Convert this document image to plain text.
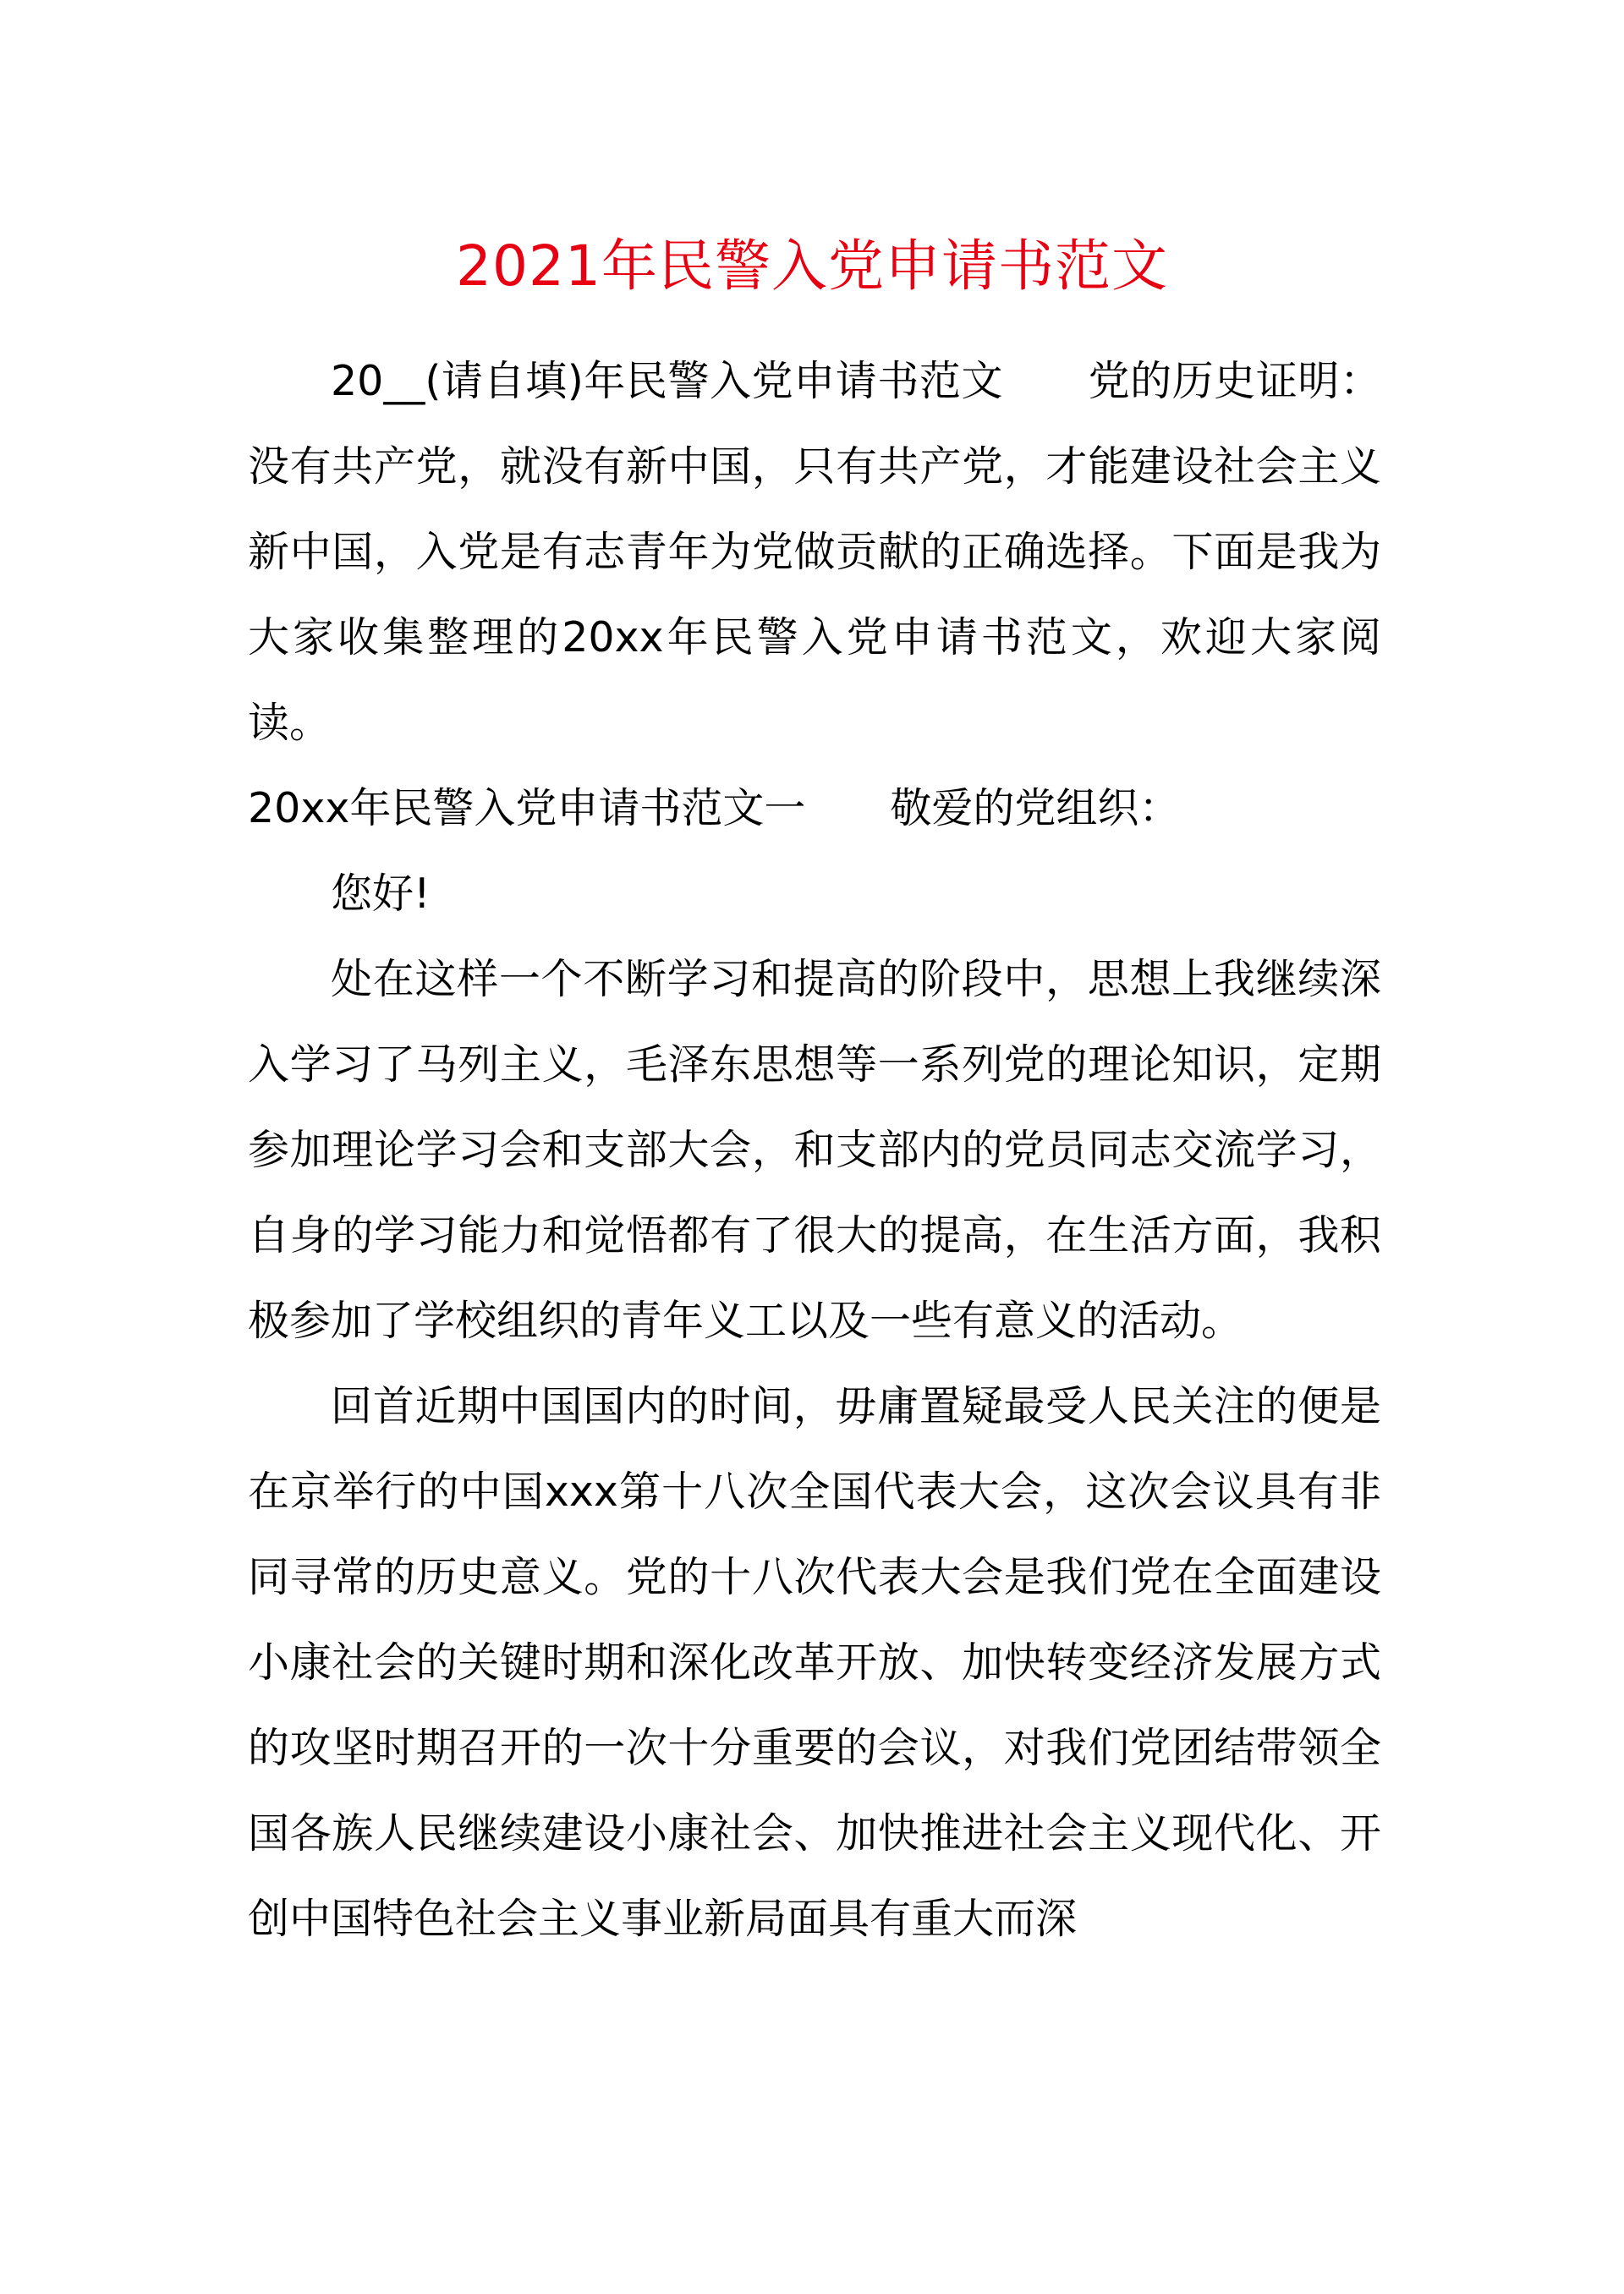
2021年民警入党申请书范文

20__(请自填)年民警入党申请书范文 党的历史证明：没有共产党，就没有新中国，只有共产党，才能建设社会主义新中国，入党是有志青年为党做贡献的正确选择。下面是我为大家收集整理的20xx年民警入党申请书范文，欢迎大家阅读。

20xx年民警入党申请书范文一 敬爱的党组织：

您好!

处在这样一个不断学习和提高的阶段中，思想上我继续深入学习了马列主义，毛泽东思想等一系列党的理论知识，定期参加理论学习会和支部大会，和支部内的党员同志交流学习，自身的学习能力和觉悟都有了很大的提高，在生活方面，我积极参加了学校组织的青年义工以及一些有意义的活动。

回首近期中国国内的时间，毋庸置疑最受人民关注的便是在京举行的中国xxx第十八次全国代表大会，这次会议具有非同寻常的历史意义。党的十八次代表大会是我们党在全面建设小康社会的关键时期和深化改革开放、加快转变经济发展方式的攻坚时期召开的一次十分重要的会议，对我们党团结带领全国各族人民继续建设小康社会、加快推进社会主义现代化、开创中国特色社会主义事业新局面具有重大而深
